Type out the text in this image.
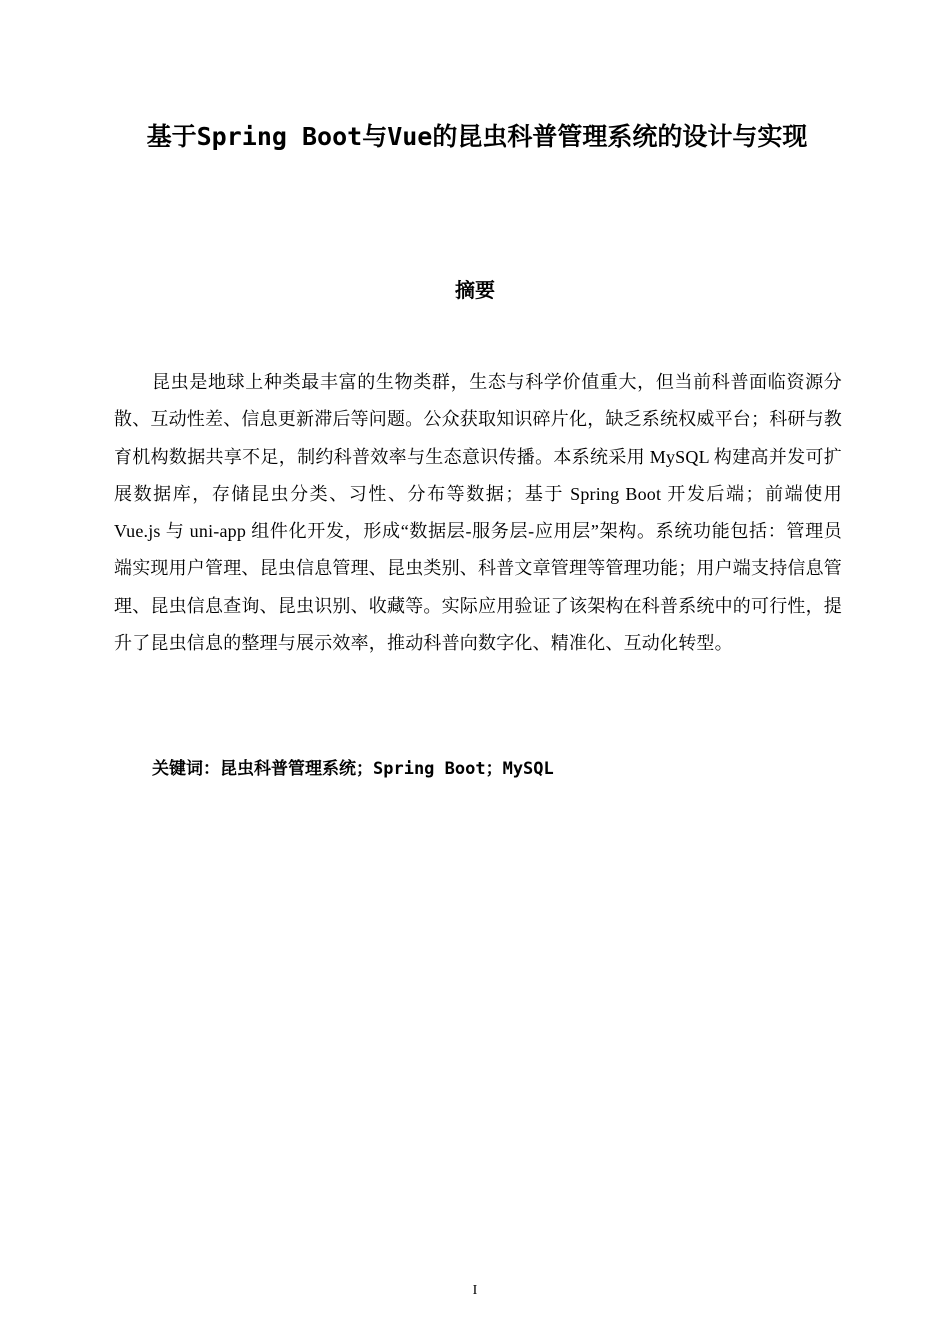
基于Spring Boot与Vue的昆虫科普管理系统的设计与实现
摘要

昆虫是地球上种类最丰富的生物类群，生态与科学价值重大，但当前科普面临资源分散、互动性差、信息更新滞后等问题。公众获取知识碎片化，缺乏系统权威平台；科研与教育机构数据共享不足，制约科普效率与生态意识传播。本系统采用 MySQL 构建高并发可扩展数据库，存储昆虫分类、习性、分布等数据；基于 Spring Boot 开发后端；前端使用 Vue.js 与 uni-app 组件化开发，形成“数据层-服务层-应用层”架构。系统功能包括：管理员端实现用户管理、昆虫信息管理、昆虫类别、科普文章管理等管理功能；用户端支持信息管理、昆虫信息查询、昆虫识别、收藏等。实际应用验证了该架构在科普系统中的可行性，提升了昆虫信息的整理与展示效率，推动科普向数字化、精准化、互动化转型。

关键词：昆虫科普管理系统；Spring Boot；MySQL

I
